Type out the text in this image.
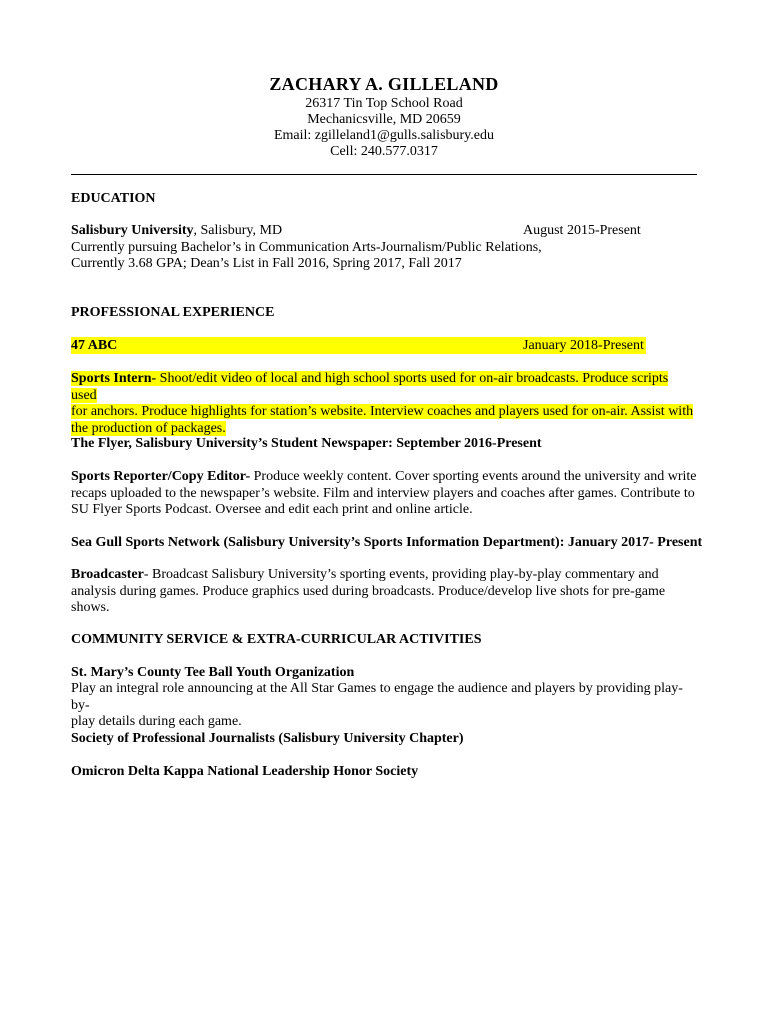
ZACHARY A. GILLELAND
26317 Tin Top School Road
Mechanicsville, MD 20659
Email: zgilleland1@gulls.salisbury.edu
Cell: 240.577.0317
EDUCATION
Salisbury University, Salisbury, MD	August 2015-Present
Currently pursuing Bachelor’s in Communication Arts-Journalism/Public Relations,
Currently 3.68 GPA; Dean’s List in Fall 2016, Spring 2017, Fall 2017
PROFESSIONAL EXPERIENCE
47 ABC	January 2018-Present
Sports Intern- Shoot/edit video of local and high school sports used for on-air broadcasts. Produce scripts used
for anchors. Produce highlights for station’s website. Interview coaches and players used for on-air. Assist with
the production of packages.
The Flyer, Salisbury University’s Student Newspaper: September 2016-Present
Sports Reporter/Copy Editor- Produce weekly content. Cover sporting events around the university and write
recaps uploaded to the newspaper’s website. Film and interview players and coaches after games. Contribute to
SU Flyer Sports Podcast. Oversee and edit each print and online article.
Sea Gull Sports Network (Salisbury University’s Sports Information Department): January 2017- Present
Broadcaster- Broadcast Salisbury University’s sporting events, providing play-by-play commentary and
analysis during games. Produce graphics used during broadcasts. Produce/develop live shots for pre-game
shows.
COMMUNITY SERVICE & EXTRA-CURRICULAR ACTIVITIES
St. Mary’s County Tee Ball Youth Organization
Play an integral role announcing at the All Star Games to engage the audience and players by providing play-by-
play details during each game.
Society of Professional Journalists (Salisbury University Chapter)
Omicron Delta Kappa National Leadership Honor Society
